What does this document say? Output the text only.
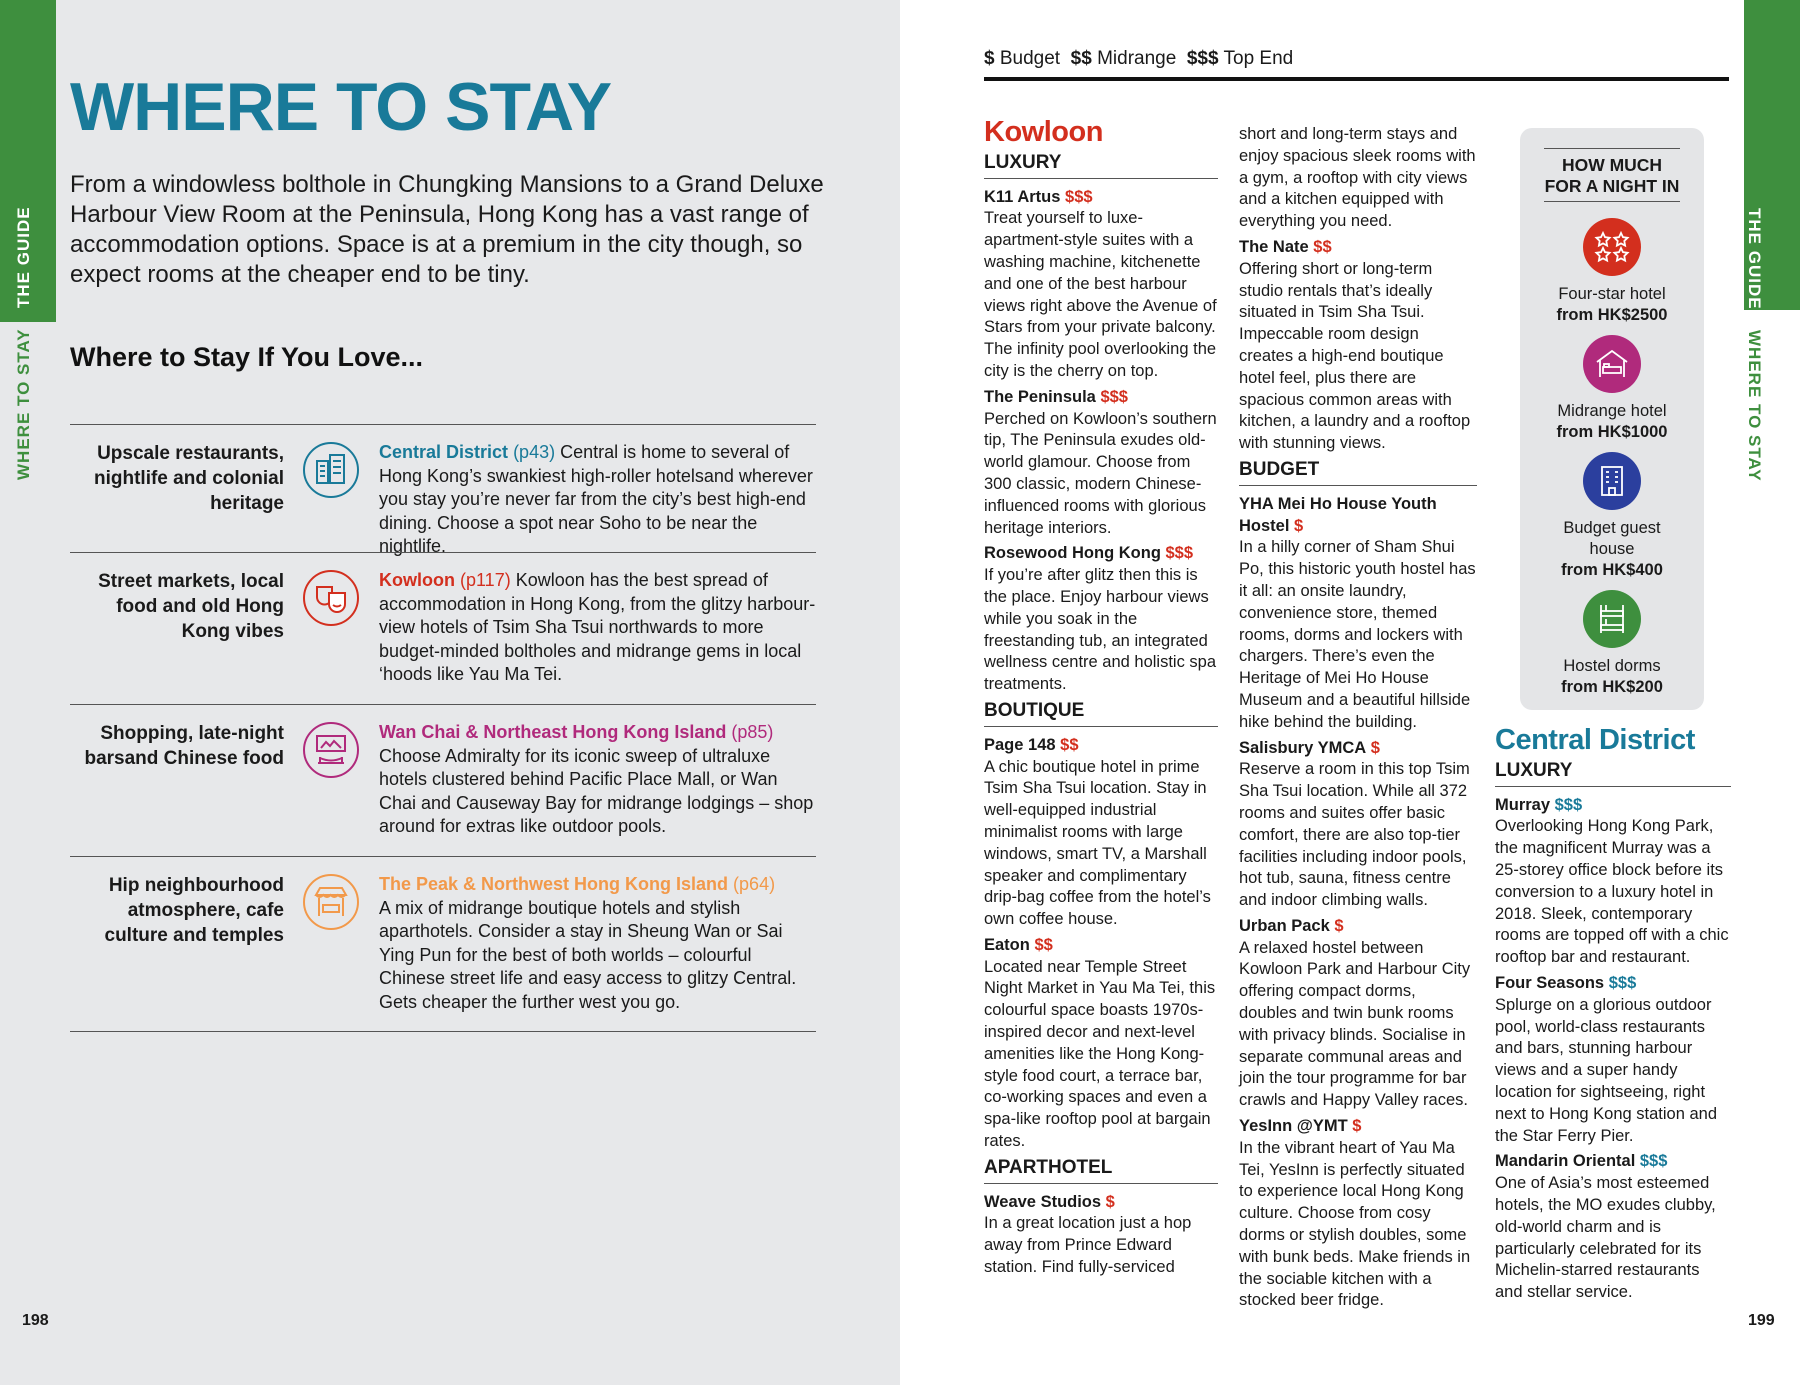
THE GUIDE
WHERE TO STAY
WHERE TO STAY
From a windowless bolthole in Chungking Mansions to a Grand Deluxe Harbour View Room at the Peninsula, Hong Kong has a vast range of accommodation options. Space is at a premium in the city though, so expect rooms at the cheaper end to be tiny.
Where to Stay If You Love...
Upscale restaurants, nightlife and colonial heritage
Central District (p43) Central is home to several of Hong Kong’s swankiest high-roller hotelsand wherever you stay you’re never far from the city’s best high-end dining. Choose a spot near Soho to be near the nightlife.
Street markets, local food and old Hong Kong vibes
Kowloon (p117) Kowloon has the best spread of accommodation in Hong Kong, from the glitzy harbour-view hotels of Tsim Sha Tsui northwards to more budget-minded boltholes and midrange gems in local ‘hoods like Yau Ma Tei.
Shopping, late-night barsand Chinese food
Wan Chai & Northeast Hong Kong Island (p85)
Choose Admiralty for its iconic sweep of ultraluxe hotels clustered behind Pacific Place Mall, or Wan Chai and Causeway Bay for midrange lodgings – shop around for extras like outdoor pools.
Hip neighbourhood atmosphere, cafe culture and temples
The Peak & Northwest Hong Kong Island (p64)
A mix of midrange boutique hotels and stylish aparthotels. Consider a stay in Sheung Wan or Sai Ying Pun for the best of both worlds – colourful Chinese street life and easy access to glitzy Central. Gets cheaper the further west you go.
198
THE GUIDE
WHERE TO STAY
$ Budget $$ Midrange $$$ Top End
Kowloon
LUXURY

K11 Artus $$$
Treat yourself to luxe-apartment-style suites with a washing machine, kitchenette and one of the best harbour views right above the Avenue of Stars from your private balcony. The infinity pool overlooking the city is the cherry on top.

The Peninsula $$$
Perched on Kowloon’s southern tip, The Peninsula exudes old-world glamour. Choose from 300 classic, modern Chinese-influenced rooms with glorious heritage interiors.

Rosewood Hong Kong $$$
If you’re after glitz then this is the place. Enjoy harbour views while you soak in the freestanding tub, an integrated wellness centre and holistic spa treatments.

BOUTIQUE

Page 148 $$
A chic boutique hotel in prime Tsim Sha Tsui location. Stay in well-equipped industrial minimalist rooms with large windows, smart TV, a Marshall speaker and complimentary drip-bag coffee from the hotel’s own coffee house.

Eaton $$
Located near Temple Street Night Market in Yau Ma Tei, this colourful space boasts 1970s-inspired decor and next-level amenities like the Hong Kong-style food court, a terrace bar, co-working spaces and even a spa-like rooftop pool at bargain rates.

APARTHOTEL

Weave Studios $
In a great location just a hop away from Prince Edward station. Find fully-serviced

short and long-term stays and enjoy spacious sleek rooms with a gym, a rooftop with city views and a kitchen equipped with everything you need.

The Nate $$
Offering short or long-term studio rentals that’s ideally situated in Tsim Sha Tsui. Impeccable room design creates a high-end boutique hotel feel, plus there are spacious common areas with kitchen, a laundry and a rooftop with stunning views.

BUDGET

YHA Mei Ho House Youth Hostel $
In a hilly corner of Sham Shui Po, this historic youth hostel has it all: an onsite laundry, convenience store, themed rooms, dorms and lockers with chargers. There’s even the Heritage of Mei Ho House Museum and a beautiful hillside hike behind the building.

Salisbury YMCA $
Reserve a room in this top Tsim Sha Tsui location. While all 372 rooms and suites offer basic comfort, there are also top-tier facilities including indoor pools, hot tub, sauna, fitness centre and indoor climbing walls.

Urban Pack $
A relaxed hostel between Kowloon Park and Harbour City offering compact dorms, doubles and twin bunk rooms with privacy blinds. Socialise in separate communal areas and join the tour programme for bar crawls and Happy Valley races.

YesInn @YMT $
In the vibrant heart of Yau Ma Tei, YesInn is perfectly situated to experience local Hong Kong culture. Choose from cosy dorms or stylish doubles, some with bunk beds. Make friends in the sociable kitchen with a stocked beer fridge.

HOW MUCH FOR A NIGHT IN
Four-star hotel
from HK$2500
Midrange hotel
from HK$1000
Budget guest house
from HK$400
Hostel dorms
from HK$200
Central District
LUXURY

Murray $$$
Overlooking Hong Kong Park, the magnificent Murray was a 25-storey office block before its conversion to a luxury hotel in 2018. Sleek, contemporary rooms are topped off with a chic rooftop bar and restaurant.

Four Seasons $$$
Splurge on a glorious outdoor pool, world-class restaurants and bars, stunning harbour views and a super handy location for sightseeing, right next to Hong Kong station and the Star Ferry Pier.

Mandarin Oriental $$$
One of Asia’s most esteemed hotels, the MO exudes clubby, old-world charm and is particularly celebrated for its Michelin-starred restaurants and stellar service.

199
